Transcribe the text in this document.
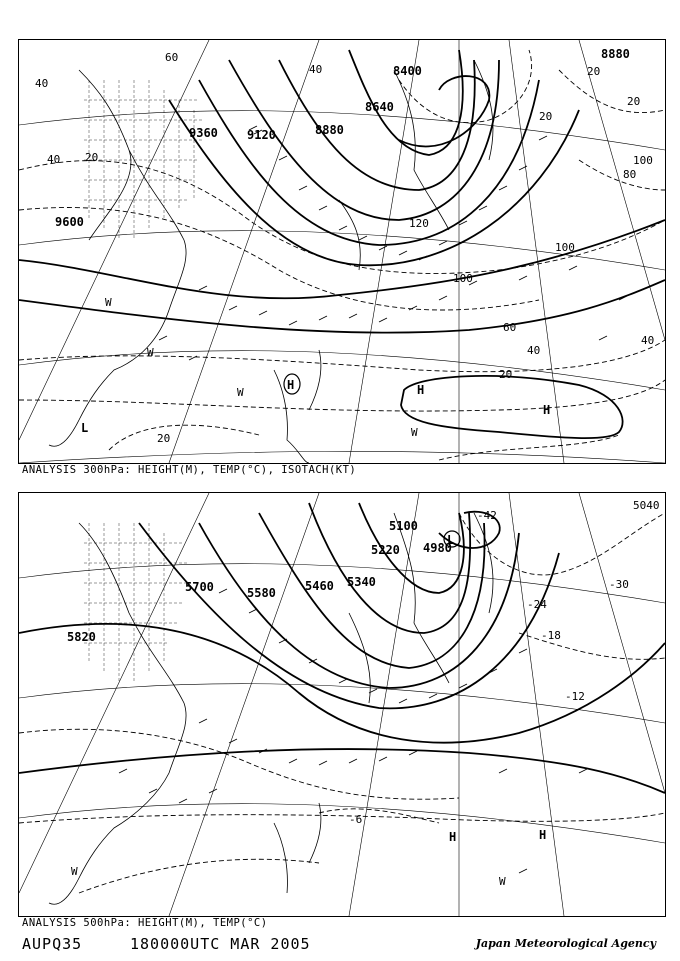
9600
9360 9120	8880
8640
8400
8880
120
40
40 20
60
40	20
20
20
100
80
100
100
60
40
40
20
20
W
W
W
L
H	H
H
W
ANALYSIS 300hPa: HEIGHT(M), TEMP(°C), ISOTACH(KT)
5820
5700	5580 5460 5340
5220
5100
4980
5040
-30
-24
-18
-12
-6
-42
L
H	H
W
W
ANALYSIS 500hPa: HEIGHT(M), TEMP(°C)
AUPQ35	180000UTC MAR 2005	Japan Meteorological Agency
